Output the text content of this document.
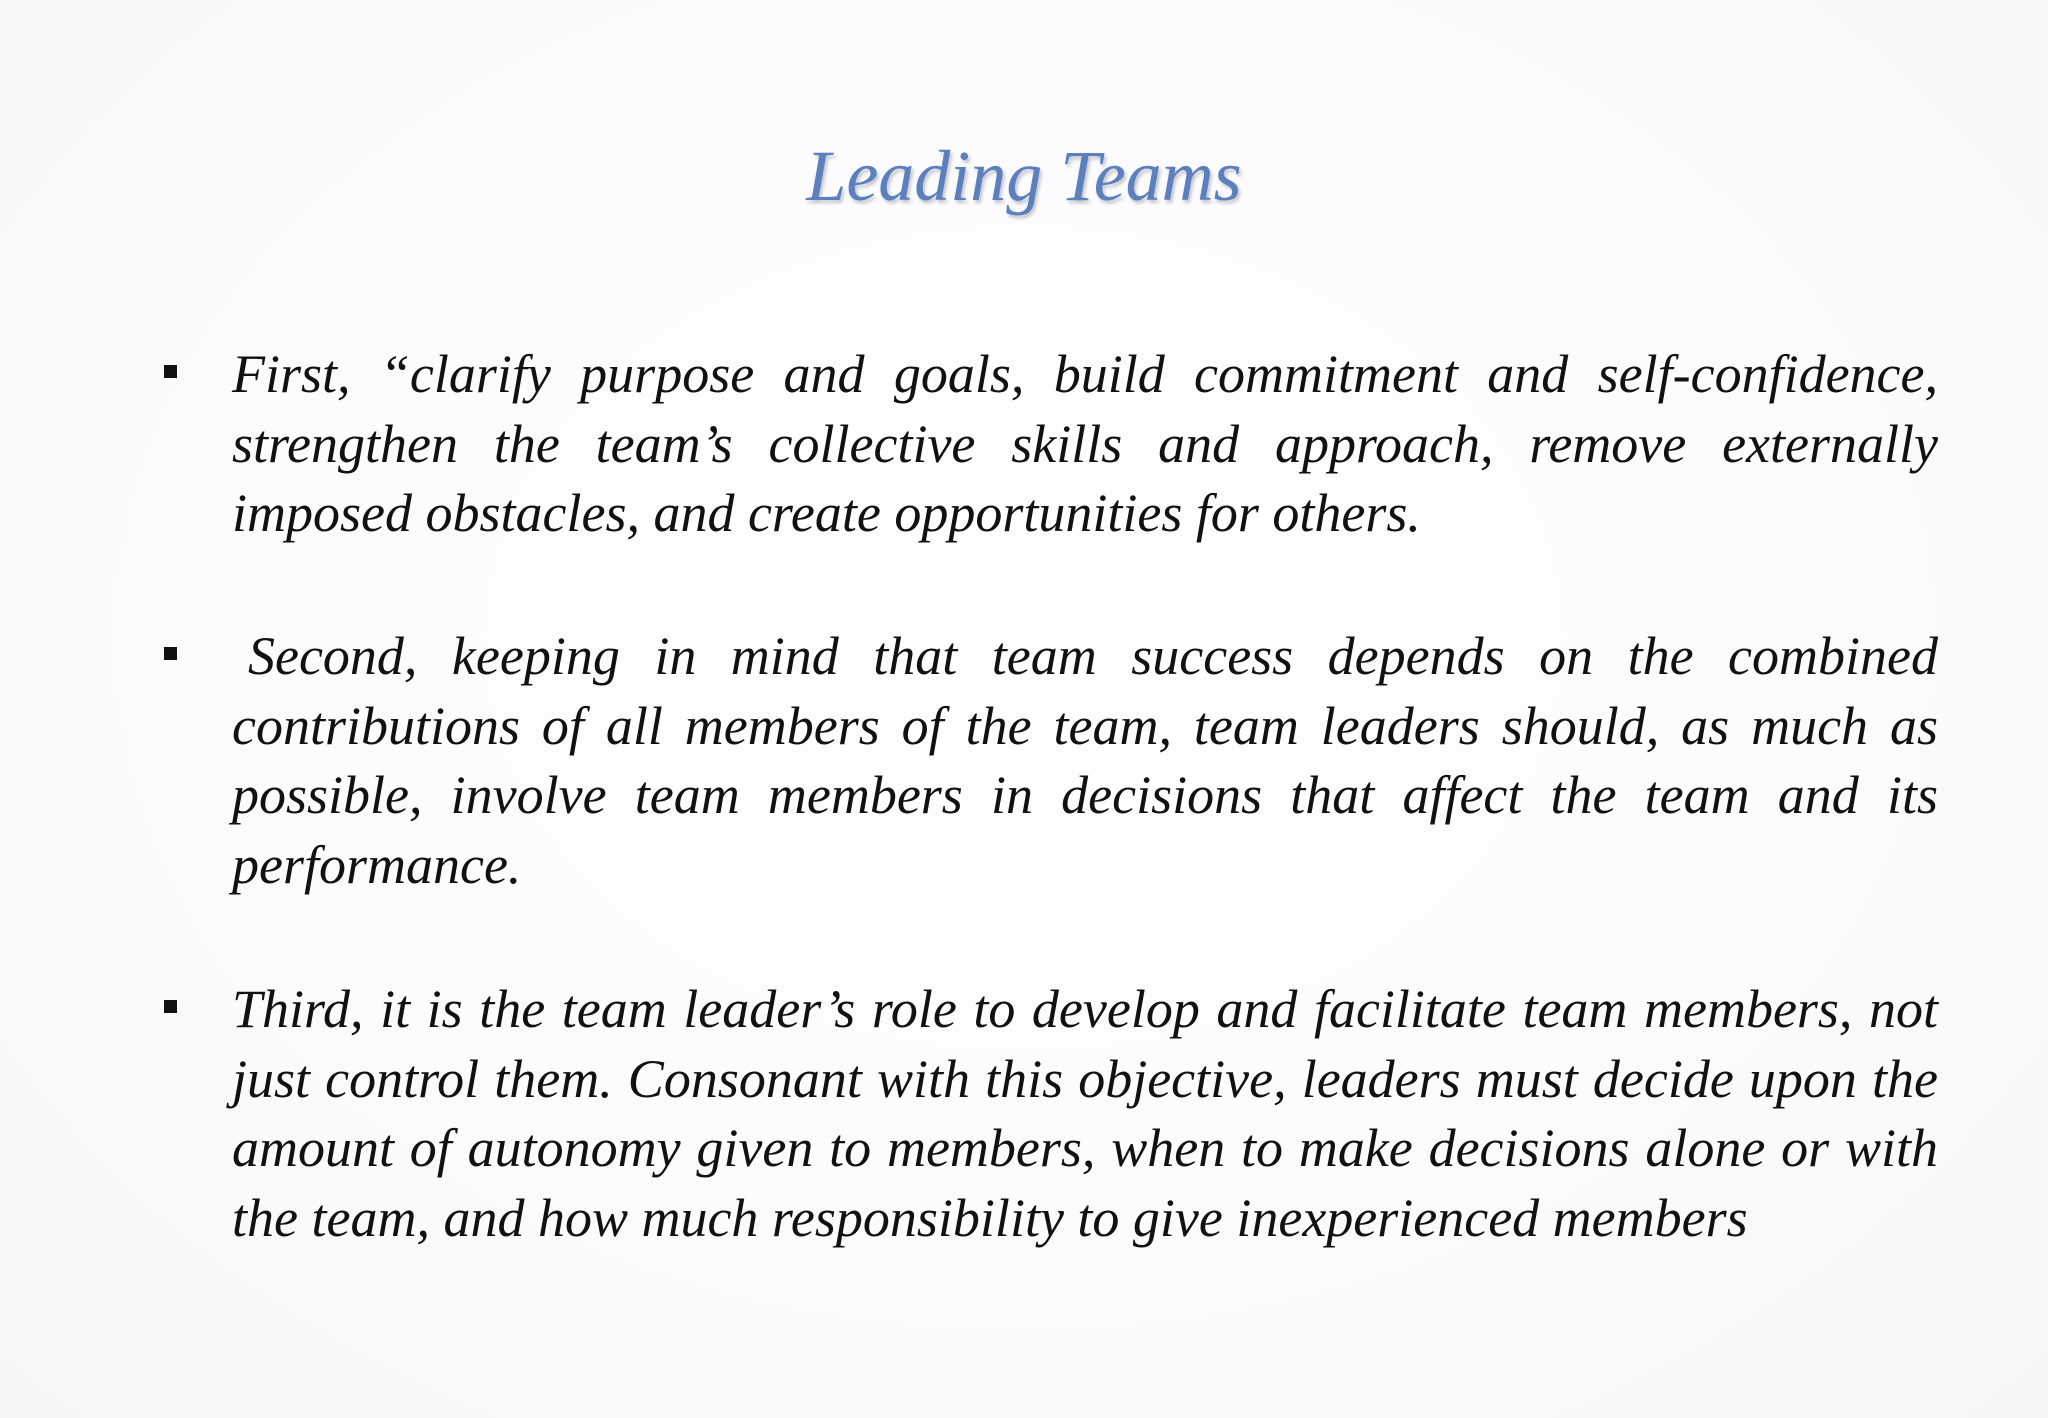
Leading Teams

First, “clarify purpose and goals, build commitment and self-confidence, strengthen the team’s collective skills and approach, remove externally imposed obstacles, and create opportunities for others.

Second, keeping in mind that team success depends on the combined contributions of all members of the team, team leaders should, as much as possible, involve team members in decisions that affect the team and its performance.

Third, it is the team leader’s role to develop and facilitate team members, not just control them. Consonant with this objective, leaders must decide upon the amount of autonomy given to members, when to make decisions alone or with the team, and how much responsibility to give inexperienced members
